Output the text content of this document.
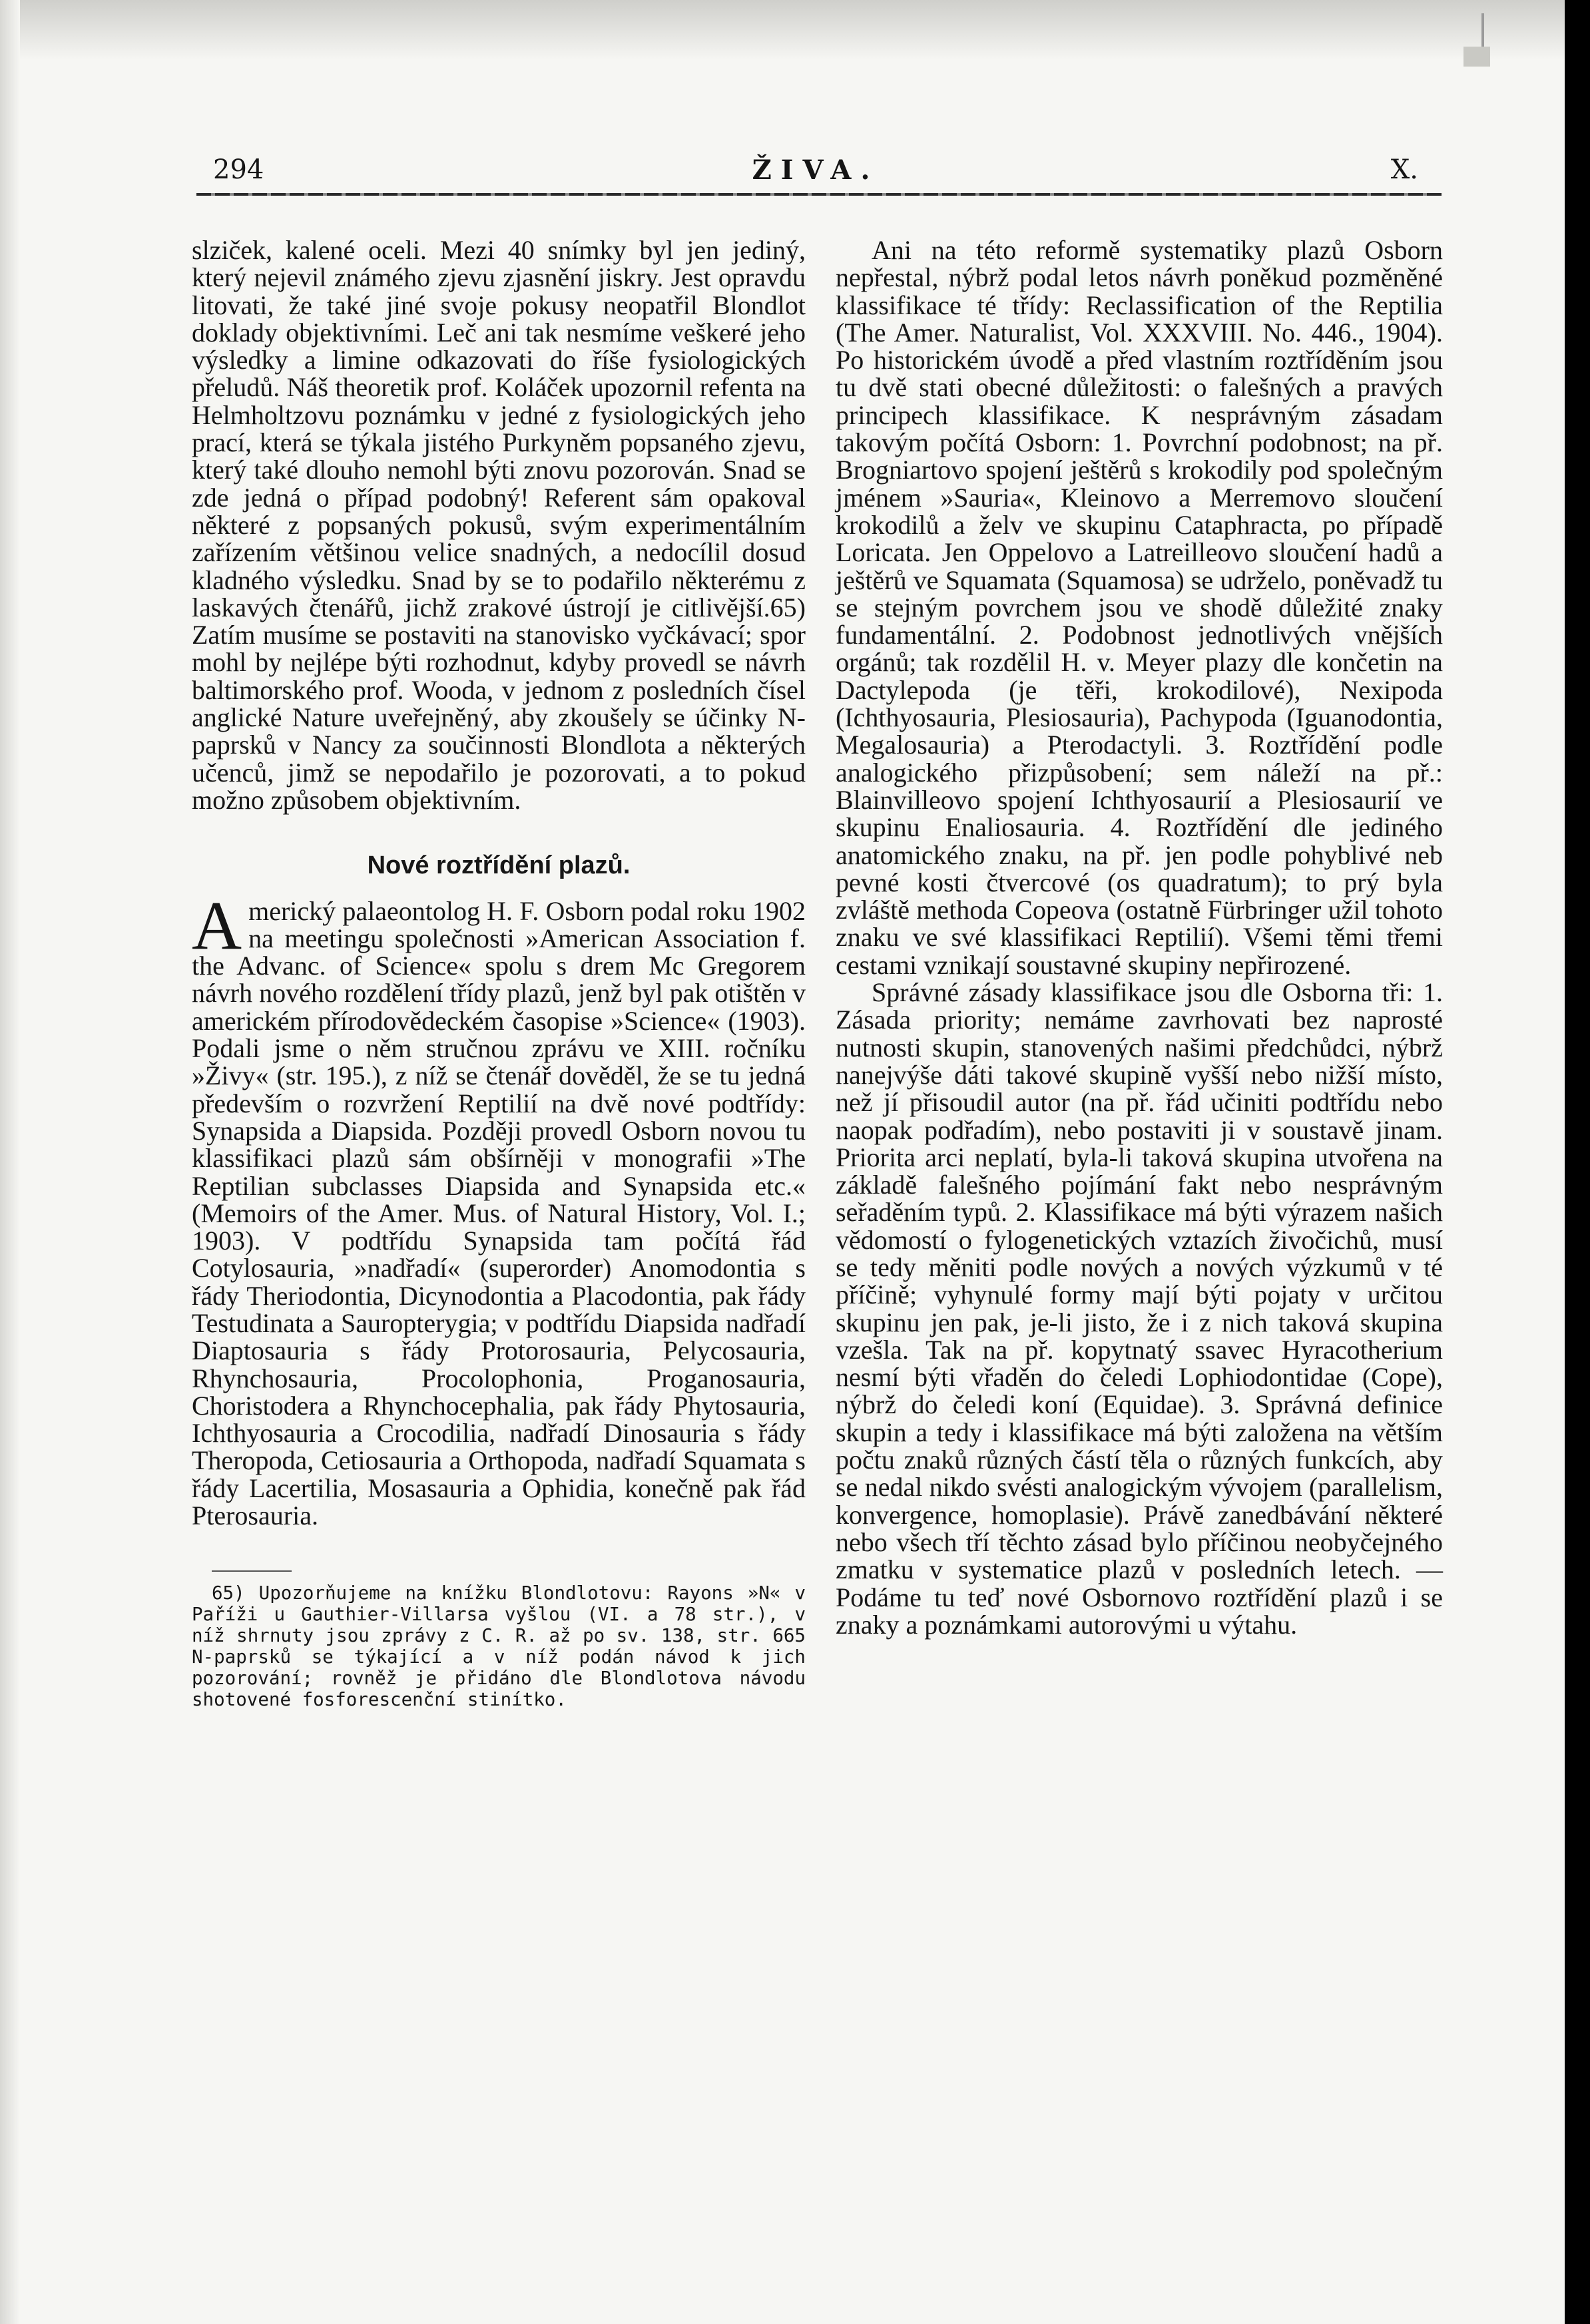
294	ŽIVA.	X.

slziček, kalené oceli. Mezi 40 snímky byl jen jediný, který nejevil známého zjevu zjasnění jiskry. Jest opravdu litovati, že také jiné svoje pokusy neopatřil Blondlot doklady objektivními. Leč ani tak nesmíme veškeré jeho výsledky a limine odkazovati do říše fysiologických přeludů. Náš theoretik prof. Koláček upozornil refenta na Helmholtzovu poznámku v jedné z fysiologických jeho prací, která se týkala jistého Purkyněm popsaného zjevu, který také dlouho nemohl býti znovu pozorován. Snad se zde jedná o případ podobný! Referent sám opakoval některé z popsaných pokusů, svým experimentálním zařízením většinou velice snadných, a nedocílil dosud kladného výsledku. Snad by se to podařilo některému z laskavých čtenářů, jichž zrakové ústrojí je citlivější.65) Zatím musíme se postaviti na stanovisko vyčkávací; spor mohl by nejlépe býti rozhodnut, kdyby provedl se návrh baltimorského prof. Wooda, v jednom z posledních čísel anglické Nature uveřejněný, aby zkoušely se účinky N-paprsků v Nancy za součinnosti Blondlota a některých učenců, jimž se nepodařilo je pozorovati, a to pokud možno způsobem objektivním.

Nové roztřídění plazů.

Americký palaeontolog H. F. Osborn podal roku 1902 na meetingu společnosti »American Association f. the Advanc. of Science« spolu s drem Mc Gregorem návrh nového rozdělení třídy plazů, jenž byl pak otištěn v americkém přírodovědeckém časopise »Science« (1903). Podali jsme o něm stručnou zprávu ve XIII. ročníku »Živy« (str. 195.), z níž se čtenář dověděl, že se tu jedná především o rozvržení Reptilií na dvě nové podtřídy: Synapsida a Diapsida. Později provedl Osborn novou tu klassifikaci plazů sám obšírněji v monografii »The Reptilian subclasses Diapsida and Synapsida etc.« (Memoirs of the Amer. Mus. of Natural History, Vol. I.; 1903). V podtřídu Synapsida tam počítá řád Cotylosauria, »nadřadí« (superorder) Anomodontia s řády Theriodontia, Dicynodontia a Placodontia, pak řády Testudinata a Sauropterygia; v podtřídu Diapsida nadřadí Diaptosauria s řády Protorosauria, Pelycosauria, Rhynchosauria, Procolophonia, Proganosauria, Choristodera a Rhynchocephalia, pak řády Phytosauria, Ichthyosauria a Crocodilia, nadřadí Dinosauria s řády Theropoda, Cetiosauria a Orthopoda, nadřadí Squamata s řády Lacertilia, Mosasauria a Ophidia, konečně pak řád Pterosauria.

65) Upozorňujeme na knížku Blondlotovu: Rayons »N« v Paříži u Gauthier-Villarsa vyšlou (VI. a 78 str.), v níž shrnuty jsou zprávy z C. R. až po sv. 138, str. 665 N-paprsků se týkající a v níž podán návod k jich pozorování; rovněž je přidáno dle Blondlotova návodu shotovené fosforescenční stinítko.

Ani na této reformě systematiky plazů Osborn nepřestal, nýbrž podal letos návrh poněkud pozměněné klassifikace té třídy: Reclassification of the Reptilia (The Amer. Naturalist, Vol. XXXVIII. No. 446., 1904). Po historickém úvodě a před vlastním roztříděním jsou tu dvě stati obecné důležitosti: o falešných a pravých principech klassifikace. K nesprávným zásadam takovým počítá Osborn: 1. Povrchní podobnost; na př. Brogniartovo spojení ještěrů s krokodily pod společným jménem »Sauria«, Kleinovo a Merremovo sloučení krokodilů a želv ve skupinu Cataphracta, po případě Loricata. Jen Oppelovo a Latreilleovo sloučení hadů a ještěrů ve Squamata (Squamosa) se udrželo, poněvadž tu se stejným povrchem jsou ve shodě důležité znaky fundamentální. 2. Podobnost jednotlivých vnějších orgánů; tak rozdělil H. v. Meyer plazy dle končetin na Dactylepoda (je těři, krokodilové), Nexipoda (Ichthyosauria, Plesiosauria), Pachypoda (Iguanodontia, Megalosauria) a Pterodactyli. 3. Roztřídění podle analogického přizpůsobení; sem náleží na př.: Blainvilleovo spojení Ichthyosaurií a Plesiosaurií ve skupinu Enaliosauria. 4. Roztřídění dle jediného anatomického znaku, na př. jen podle pohyblivé neb pevné kosti čtvercové (os quadratum); to prý byla zvláště methoda Copeova (ostatně Fürbringer užil tohoto znaku ve své klassifikaci Reptilií). Všemi těmi třemi cestami vznikají soustavné skupiny nepřirozené.

Správné zásady klassifikace jsou dle Osborna tři: 1. Zásada priority; nemáme zavrhovati bez naprosté nutnosti skupin, stanovených našimi předchůdci, nýbrž nanejvýše dáti takové skupině vyšší nebo nižší místo, než jí přisoudil autor (na př. řád učiniti podtřídu nebo naopak podřadím), nebo postaviti ji v soustavě jinam. Priorita arci neplatí, byla-li taková skupina utvořena na základě falešného pojímání fakt nebo nesprávným seřaděním typů. 2. Klassifikace má býti výrazem našich vědomostí o fylogenetických vztazích živočichů, musí se tedy měniti podle nových a nových výzkumů v té příčině; vyhynulé formy mají býti pojaty v určitou skupinu jen pak, je-li jisto, že i z nich taková skupina vzešla. Tak na př. kopytnatý ssavec Hyracotherium nesmí býti vřaděn do čeledi Lophiodontidae (Cope), nýbrž do čeledi koní (Equidae). 3. Správná definice skupin a tedy i klassifikace má býti založena na větším počtu znaků různých částí těla o různých funkcích, aby se nedal nikdo svésti analogickým vývojem (parallelism, konvergence, homoplasie). Právě zanedbávání některé nebo všech tří těchto zásad bylo příčinou neobyčejného zmatku v systematice plazů v posledních letech. — Podáme tu teď nové Osbornovo roztřídění plazů i se znaky a poznámkami autorovými u výtahu.
